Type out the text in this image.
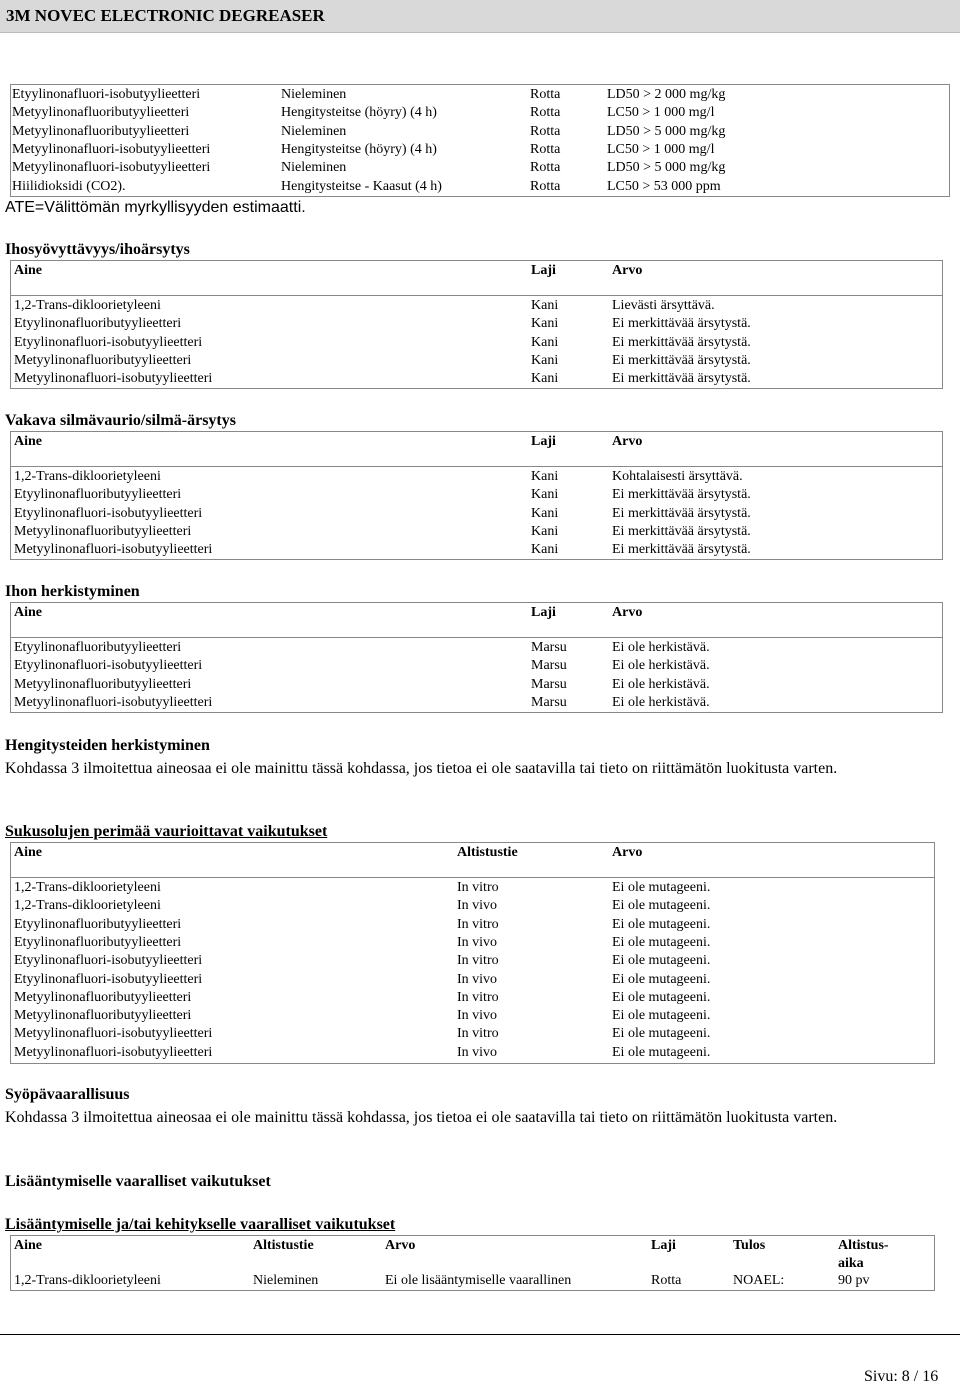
3M NOVEC ELECTRONIC DEGREASER
Etyylinonafluori-isobutyylieetteri	Nieleminen	Rotta	LD50 > 2 000 mg/kg
Metyylinonafluoributyylieetteri	Hengitysteitse (höyry) (4 h)	Rotta	LC50 > 1 000 mg/l
Metyylinonafluoributyylieetteri	Nieleminen	Rotta	LD50 > 5 000 mg/kg
Metyylinonafluori-isobutyylieetteri	Hengitysteitse (höyry) (4 h)	Rotta	LC50 > 1 000 mg/l
Metyylinonafluori-isobutyylieetteri	Nieleminen	Rotta	LD50 > 5 000 mg/kg
Hiilidioksidi (CO2).	Hengitysteitse - Kaasut (4 h)	Rotta	LC50 > 53 000 ppm
ATE=Välittömän myrkyllisyyden estimaatti.
Ihosyövyttävyys/ihoärsytys
Aine	Laji	Arvo
1,2-Trans-dikloorietyleeni	Kani	Lievästi ärsyttävä.
Etyylinonafluoributyylieetteri	Kani	Ei merkittävää ärsytystä.
Etyylinonafluori-isobutyylieetteri	Kani	Ei merkittävää ärsytystä.
Metyylinonafluoributyylieetteri	Kani	Ei merkittävää ärsytystä.
Metyylinonafluori-isobutyylieetteri	Kani	Ei merkittävää ärsytystä.
Vakava silmävaurio/silmä-ärsytys
Aine	Laji	Arvo
1,2-Trans-dikloorietyleeni	Kani	Kohtalaisesti ärsyttävä.
Etyylinonafluoributyylieetteri	Kani	Ei merkittävää ärsytystä.
Etyylinonafluori-isobutyylieetteri	Kani	Ei merkittävää ärsytystä.
Metyylinonafluoributyylieetteri	Kani	Ei merkittävää ärsytystä.
Metyylinonafluori-isobutyylieetteri	Kani	Ei merkittävää ärsytystä.
Ihon herkistyminen
Aine	Laji	Arvo
Etyylinonafluoributyylieetteri	Marsu	Ei ole herkistävä.
Etyylinonafluori-isobutyylieetteri	Marsu	Ei ole herkistävä.
Metyylinonafluoributyylieetteri	Marsu	Ei ole herkistävä.
Metyylinonafluori-isobutyylieetteri	Marsu	Ei ole herkistävä.
Hengitysteiden herkistyminen
Kohdassa 3 ilmoitettua aineosaa ei ole mainittu tässä kohdassa, jos tietoa ei ole saatavilla tai tieto on riittämätön luokitusta varten.
Sukusolujen perimää vaurioittavat vaikutukset
Aine	Altistustie	Arvo
1,2-Trans-dikloorietyleeni	In vitro	Ei ole mutageeni.
1,2-Trans-dikloorietyleeni	In vivo	Ei ole mutageeni.
Etyylinonafluoributyylieetteri	In vitro	Ei ole mutageeni.
Etyylinonafluoributyylieetteri	In vivo	Ei ole mutageeni.
Etyylinonafluori-isobutyylieetteri	In vitro	Ei ole mutageeni.
Etyylinonafluori-isobutyylieetteri	In vivo	Ei ole mutageeni.
Metyylinonafluoributyylieetteri	In vitro	Ei ole mutageeni.
Metyylinonafluoributyylieetteri	In vivo	Ei ole mutageeni.
Metyylinonafluori-isobutyylieetteri	In vitro	Ei ole mutageeni.
Metyylinonafluori-isobutyylieetteri	In vivo	Ei ole mutageeni.
Syöpävaarallisuus
Kohdassa 3 ilmoitettua aineosaa ei ole mainittu tässä kohdassa, jos tietoa ei ole saatavilla tai tieto on riittämätön luokitusta varten.
Lisääntymiselle vaaralliset vaikutukset
Lisääntymiselle ja/tai kehitykselle vaaralliset vaikutukset
Aine	Altistustie	Arvo	Laji	Tulos	Altistus-
aika
1,2-Trans-dikloorietyleeni	Nieleminen	Ei ole lisääntymiselle vaarallinen	Rotta	NOAEL:	90 pv
Sivu: 8 / 16
